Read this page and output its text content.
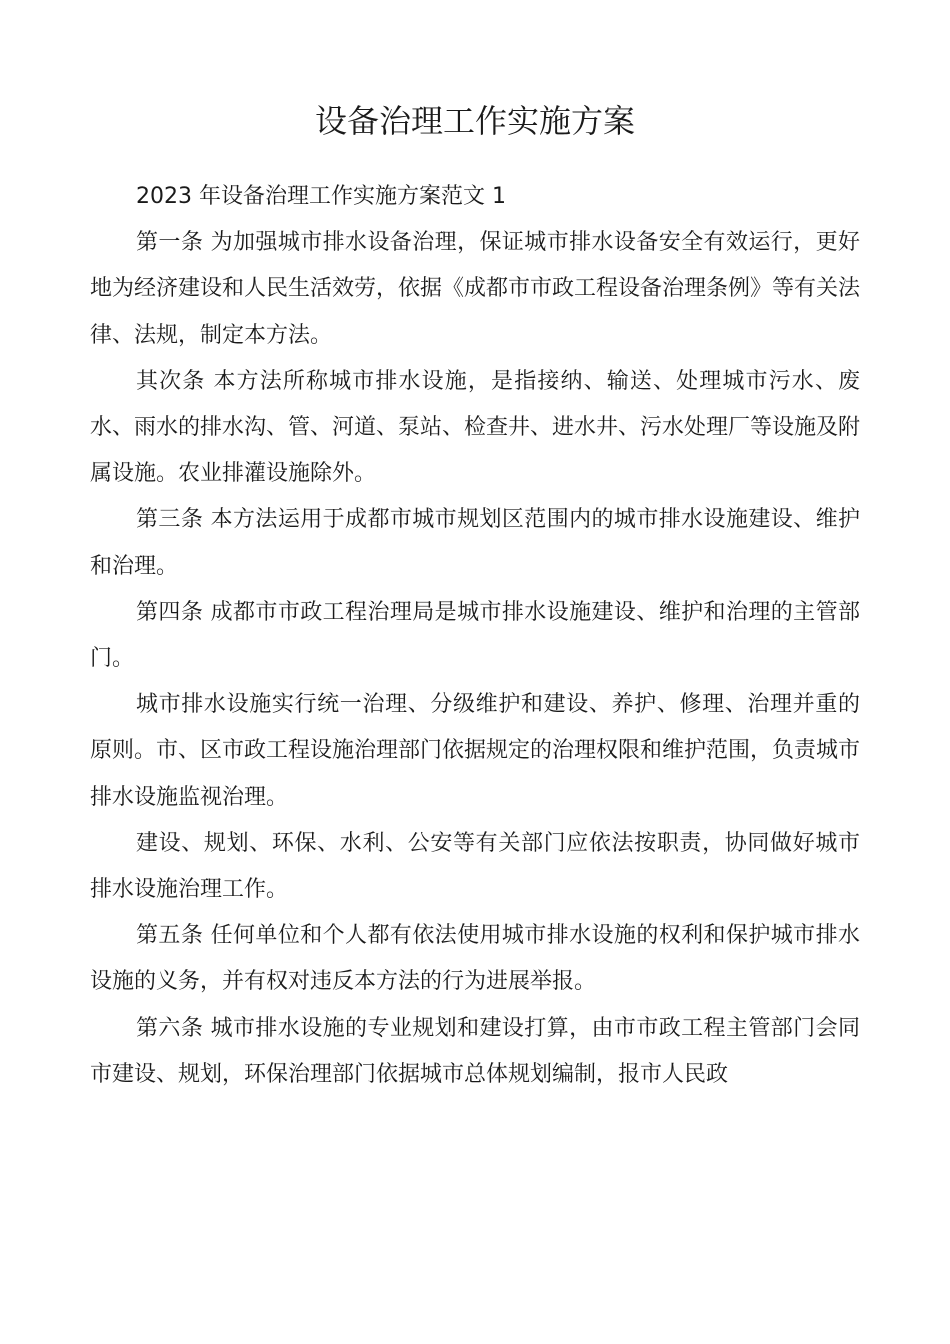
设备治理工作实施方案

2023 年设备治理工作实施方案范文 1

第一条 为加强城市排水设备治理，保证城市排水设备安全有效运行，更好地为经济建设和人民生活效劳，依据《成都市市政工程设备治理条例》等有关法律、法规，制定本方法。

其次条 本方法所称城市排水设施，是指接纳、输送、处理城市污水、废水、雨水的排水沟、管、河道、泵站、检查井、进水井、污水处理厂等设施及附属设施。农业排灌设施除外。

第三条 本方法运用于成都市城市规划区范围内的城市排水设施建设、维护和治理。

第四条 成都市市政工程治理局是城市排水设施建设、维护和治理的主管部门。

城市排水设施实行统一治理、分级维护和建设、养护、修理、治理并重的原则。市、区市政工程设施治理部门依据规定的治理权限和维护范围，负责城市排水设施监视治理。

建设、规划、环保、水利、公安等有关部门应依法按职责，协同做好城市排水设施治理工作。

第五条 任何单位和个人都有依法使用城市排水设施的权利和保护城市排水设施的义务，并有权对违反本方法的行为进展举报。

第六条 城市排水设施的专业规划和建设打算，由市市政工程主管部门会同市建设、规划，环保治理部门依据城市总体规划编制，报市人民政
